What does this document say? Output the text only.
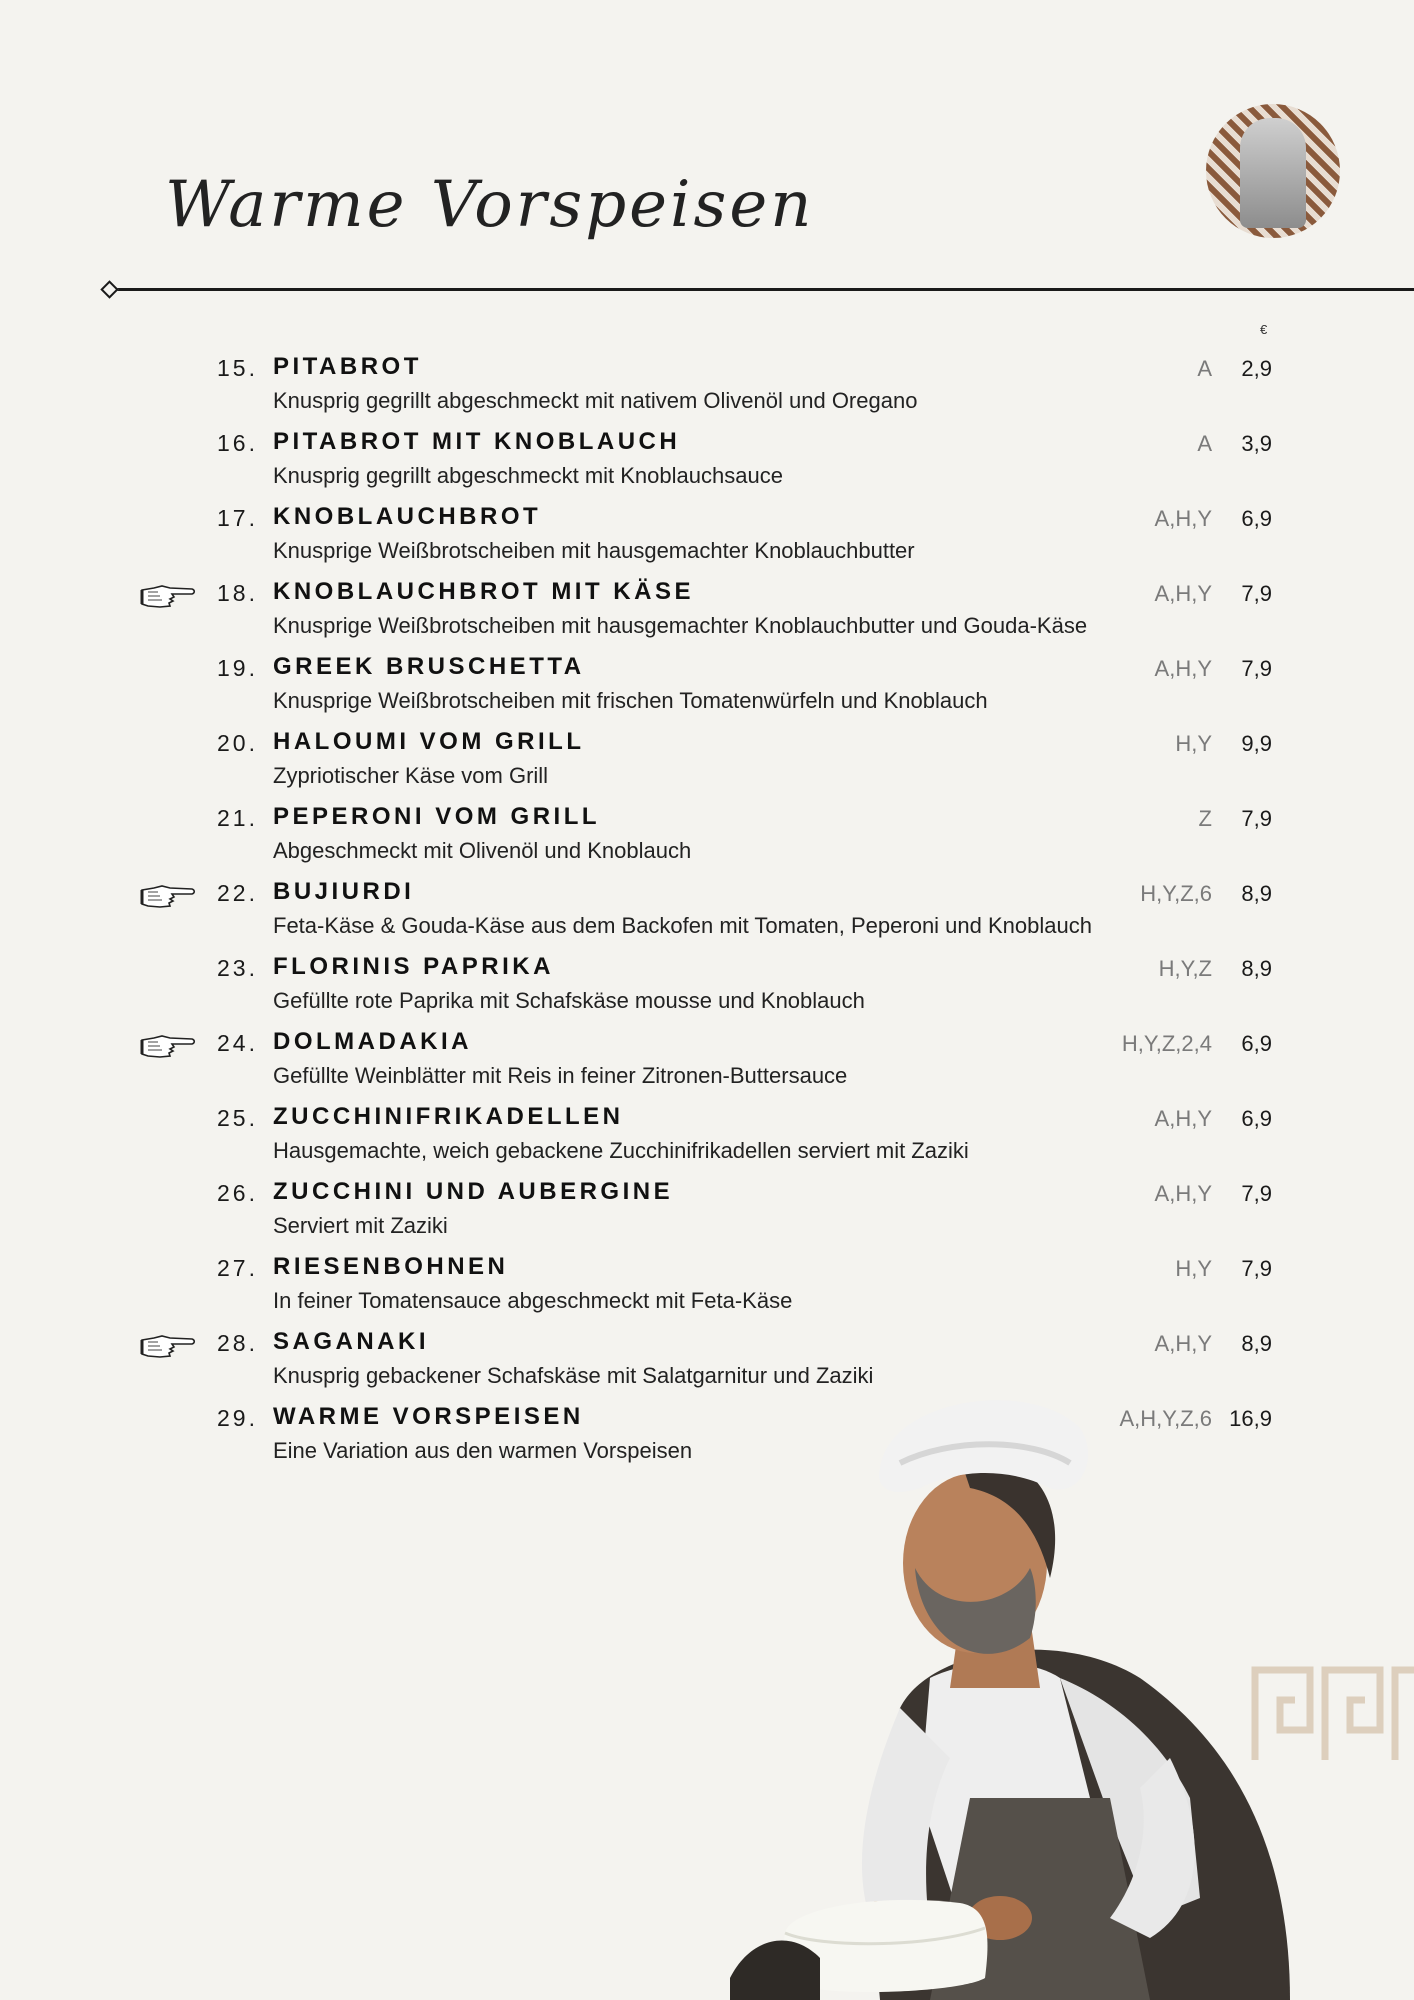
Warme Vorspeisen
€
15. PITABROT
Knusprig gegrillt abgeschmeckt mit nativem Olivenöl und Oregano
A	2,9
16. PITABROT MIT KNOBLAUCH
Knusprig gegrillt abgeschmeckt mit Knoblauchsauce
A	3,9
17. KNOBLAUCHBROT
Knusprige Weißbrotscheiben mit hausgemachter Knoblauchbutter
A,H,Y	6,9
18. KNOBLAUCHBROT MIT KÄSE
Knusprige Weißbrotscheiben mit hausgemachter Knoblauchbutter und Gouda-Käse
A,H,Y	7,9
19. GREEK BRUSCHETTA
Knusprige Weißbrotscheiben mit frischen Tomatenwürfeln und Knoblauch
A,H,Y	7,9
20. HALOUMI VOM GRILL
Zypriotischer Käse vom Grill
H,Y	9,9
21. PEPERONI VOM GRILL
Abgeschmeckt mit Olivenöl und Knoblauch
Z	7,9
22. BUJIURDI
Feta-Käse & Gouda-Käse aus dem Backofen mit Tomaten, Peperoni und Knoblauch
H,Y,Z,6	8,9
23. FLORINIS PAPRIKA
Gefüllte rote Paprika mit Schafskäse mousse und Knoblauch
H,Y,Z	8,9
24. DOLMADAKIA
Gefüllte Weinblätter mit Reis in feiner Zitronen-Buttersauce
H,Y,Z,2,4	6,9
25. ZUCCHINIFRIKADELLEN
Hausgemachte, weich gebackene Zucchinifrikadellen serviert mit Zaziki
A,H,Y	6,9
26. ZUCCHINI UND AUBERGINE
Serviert mit Zaziki
A,H,Y	7,9
27. RIESENBOHNEN
In feiner Tomatensauce abgeschmeckt mit Feta-Käse
H,Y	7,9
28. SAGANAKI
Knusprig gebackener Schafskäse mit Salatgarnitur und Zaziki
A,H,Y	8,9
29. WARME VORSPEISEN
Eine Variation aus den warmen Vorspeisen
A,H,Y,Z,6 16,9
